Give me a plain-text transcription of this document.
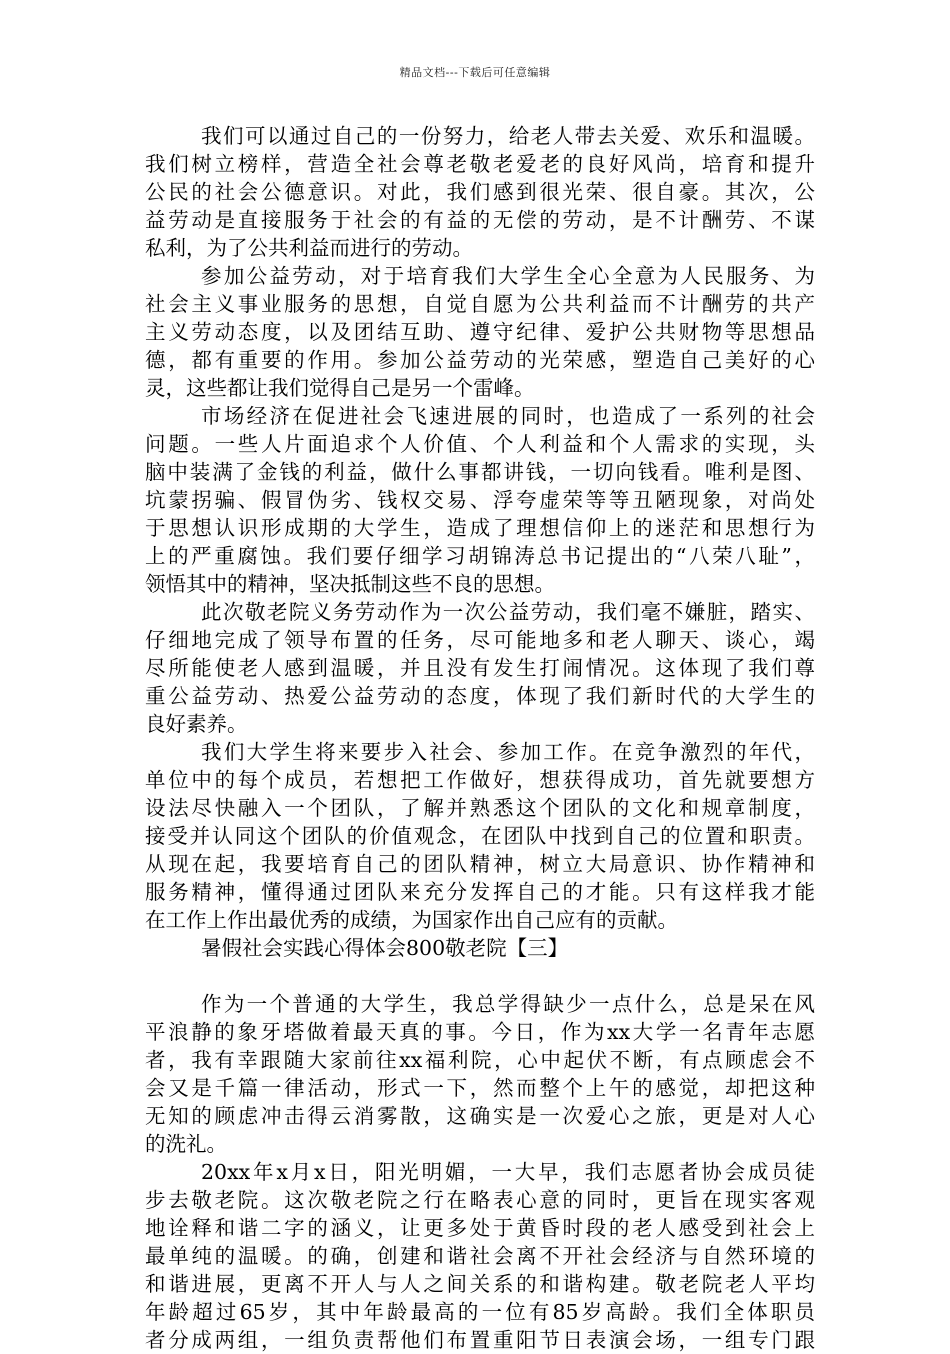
精品文档---下载后可任意编辑
我们可以通过自己的一份努力，给老人带去关爱、欢乐和温暖。
我们树立榜样，营造全社会尊老敬老爱老的良好风尚，培育和提升
公民的社会公德意识。对此，我们感到很光荣、很自豪。其次，公
益劳动是直接服务于社会的有益的无偿的劳动，是不计酬劳、不谋
私利，为了公共利益而进行的劳动。
参加公益劳动，对于培育我们大学生全心全意为人民服务、为
社会主义事业服务的思想，自觉自愿为公共利益而不计酬劳的共产
主义劳动态度，以及团结互助、遵守纪律、爱护公共财物等思想品
德，都有重要的作用。参加公益劳动的光荣感，塑造自己美好的心
灵，这些都让我们觉得自己是另一个雷峰。
市场经济在促进社会飞速进展的同时，也造成了一系列的社会
问题。一些人片面追求个人价值、个人利益和个人需求的实现，头
脑中装满了金钱的利益，做什么事都讲钱，一切向钱看。唯利是图、
坑蒙拐骗、假冒伪劣、钱权交易、浮夸虚荣等等丑陋现象，对尚处
于思想认识形成期的大学生，造成了理想信仰上的迷茫和思想行为
上的严重腐蚀。我们要仔细学习胡锦涛总书记提出的“八荣八耻”，
领悟其中的精神，坚决抵制这些不良的思想。
此次敬老院义务劳动作为一次公益劳动，我们毫不嫌脏，踏实、
仔细地完成了领导布置的任务，尽可能地多和老人聊天、谈心，竭
尽所能使老人感到温暖，并且没有发生打闹情况。这体现了我们尊
重公益劳动、热爱公益劳动的态度，体现了我们新时代的大学生的
良好素养。
我们大学生将来要步入社会、参加工作。在竞争激烈的年代，
单位中的每个成员，若想把工作做好，想获得成功，首先就要想方
设法尽快融入一个团队，了解并熟悉这个团队的文化和规章制度，
接受并认同这个团队的价值观念，在团队中找到自己的位置和职责。
从现在起，我要培育自己的团队精神，树立大局意识、协作精神和
服务精神，懂得通过团队来充分发挥自己的才能。只有这样我才能
在工作上作出最优秀的成绩，为国家作出自己应有的贡献。
暑假社会实践心得体会800敬老院【三】
作为一个普通的大学生，我总学得缺少一点什么，总是呆在风
平浪静的象牙塔做着最天真的事。今日，作为xx大学一名青年志愿
者，我有幸跟随大家前往xx福利院，心中起伏不断，有点顾虑会不
会又是千篇一律活动，形式一下，然而整个上午的感觉，却把这种
无知的顾虑冲击得云消雾散，这确实是一次爱心之旅，更是对人心
的洗礼。
20xx年x月x日，阳光明媚，一大早，我们志愿者协会成员徒
步去敬老院。这次敬老院之行在略表心意的同时，更旨在现实客观
地诠释和谐二字的涵义，让更多处于黄昏时段的老人感受到社会上
最单纯的温暖。的确，创建和谐社会离不开社会经济与自然环境的
和谐进展，更离不开人与人之间关系的和谐构建。敬老院老人平均
年龄超过65岁，其中年龄最高的一位有85岁高龄。我们全体职员
者分成两组，一组负责帮他们布置重阳节日表演会场，一组专门跟
